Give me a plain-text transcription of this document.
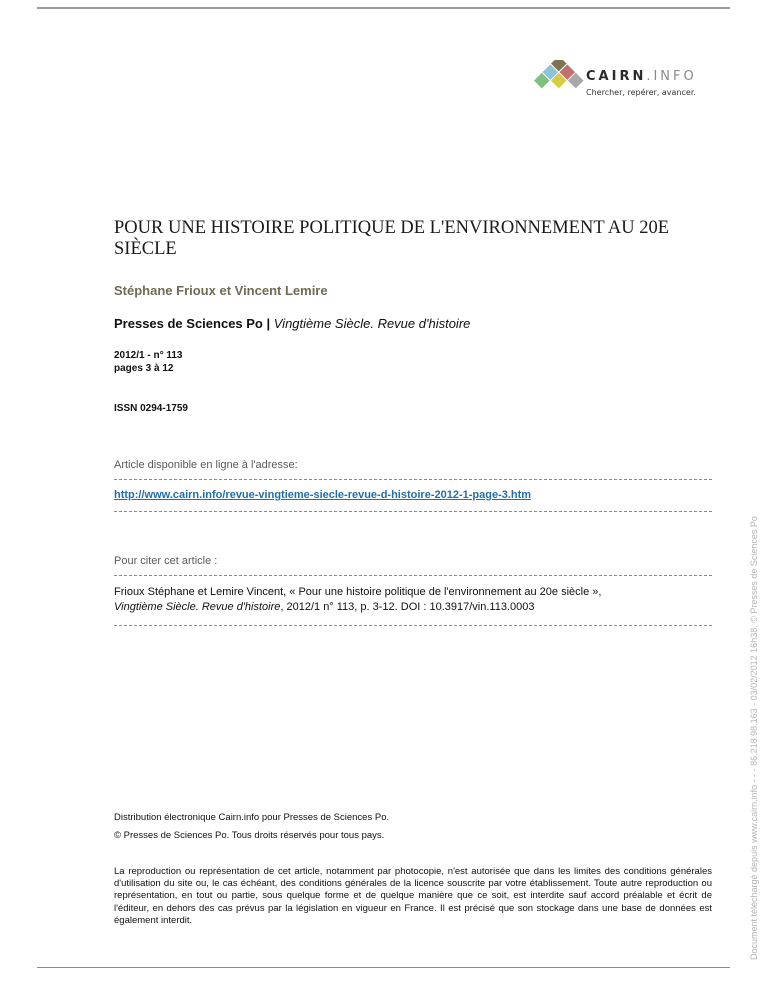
CAIRN.INFO
Chercher, repérer, avancer.
POUR UNE HISTOIRE POLITIQUE DE L'ENVIRONNEMENT AU 20E SIÈCLE
Stéphane Frioux et Vincent Lemire
Presses de Sciences Po | Vingtième Siècle. Revue d'histoire
2012/1 - n° 113
pages 3 à 12
ISSN 0294-1759
Article disponible en ligne à l'adresse:
http://www.cairn.info/revue-vingtieme-siecle-revue-d-histoire-2012-1-page-3.htm
Pour citer cet article :
Frioux Stéphane et Lemire Vincent, « Pour une histoire politique de l'environnement au 20e siècle »,
Vingtième Siècle. Revue d'histoire, 2012/1 n° 113, p. 3-12. DOI : 10.3917/vin.113.0003
Distribution électronique Cairn.info pour Presses de Sciences Po.
© Presses de Sciences Po. Tous droits réservés pour tous pays.

La reproduction ou représentation de cet article, notamment par photocopie, n'est autorisée que dans les limites des conditions générales d'utilisation du site ou, le cas échéant, des conditions générales de la licence souscrite par votre établissement. Toute autre reproduction ou représentation, en tout ou partie, sous quelque forme et de quelque manière que ce soit, est interdite sauf accord préalable et écrit de l'éditeur, en dehors des cas prévus par la législation en vigueur en France. Il est précisé que son stockage dans une base de données est également interdit.	Document téléchargé depuis www.cairn.info - - - 86.218.98.163 - 03/02/2012 16h38. © Presses de Sciences Po
